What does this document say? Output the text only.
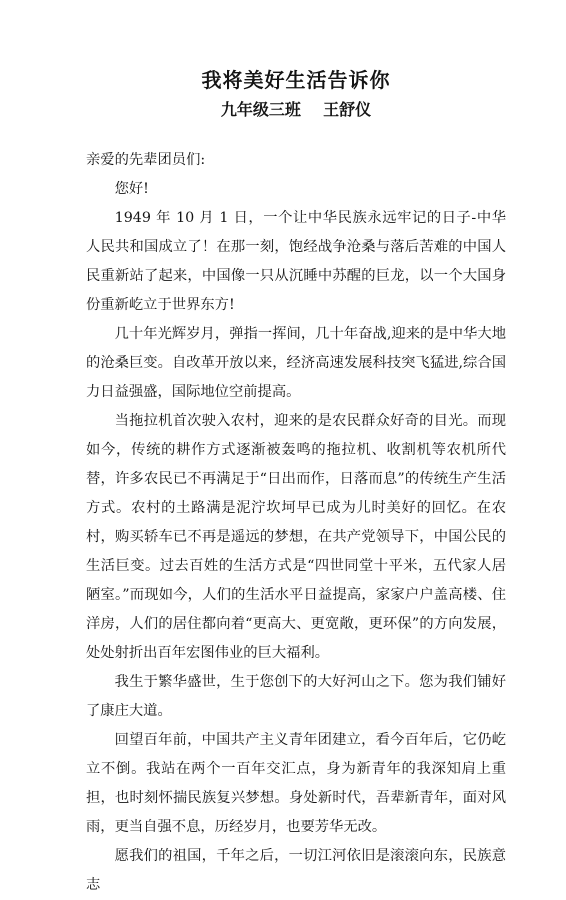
我将美好生活告诉你
九年级三班    王舒仪

亲爱的先辈团员们:

您好!

1949 年 10 月 1 日，一个让中华民族永远牢记的日子-中华人民共和国成立了！在那一刻，饱经战争沧桑与落后苦难的中国人民重新站了起来，中国像一只从沉睡中苏醒的巨龙，以一个大国身份重新屹立于世界东方!

几十年光辉岁月，弹指一挥间，几十年奋战,迎来的是中华大地的沧桑巨变。自改革开放以来，经济高速发展科技突飞猛进,综合国力日益强盛，国际地位空前提高。

当拖拉机首次驶入农村，迎来的是农民群众好奇的目光。而现如今，传统的耕作方式逐渐被轰鸣的拖拉机、收割机等农机所代替，许多农民已不再满足于“日出而作，日落而息”的传统生产生活方式。农村的土路满是泥泞坎坷早已成为儿时美好的回忆。在农村，购买轿车已不再是遥远的梦想，在共产党领导下，中国公民的生活巨变。过去百姓的生活方式是“四世同堂十平米，五代家人居陋室。”而现如今，人们的生活水平日益提高，家家户户盖高楼、住洋房，人们的居住都向着“更高大、更宽敞，更环保”的方向发展，处处射折出百年宏图伟业的巨大福利。

我生于繁华盛世，生于您创下的大好河山之下。您为我们铺好了康庄大道。

回望百年前，中国共产主义青年团建立，看今百年后，它仍屹立不倒。我站在两个一百年交汇点，身为新青年的我深知肩上重担，也时刻怀揣民族复兴梦想。身处新时代，吾辈新青年，面对风雨，更当自强不息，历经岁月，也要芳华无改。

愿我们的祖国，千年之后，一切江河依旧是滚滚向东，民族意志
